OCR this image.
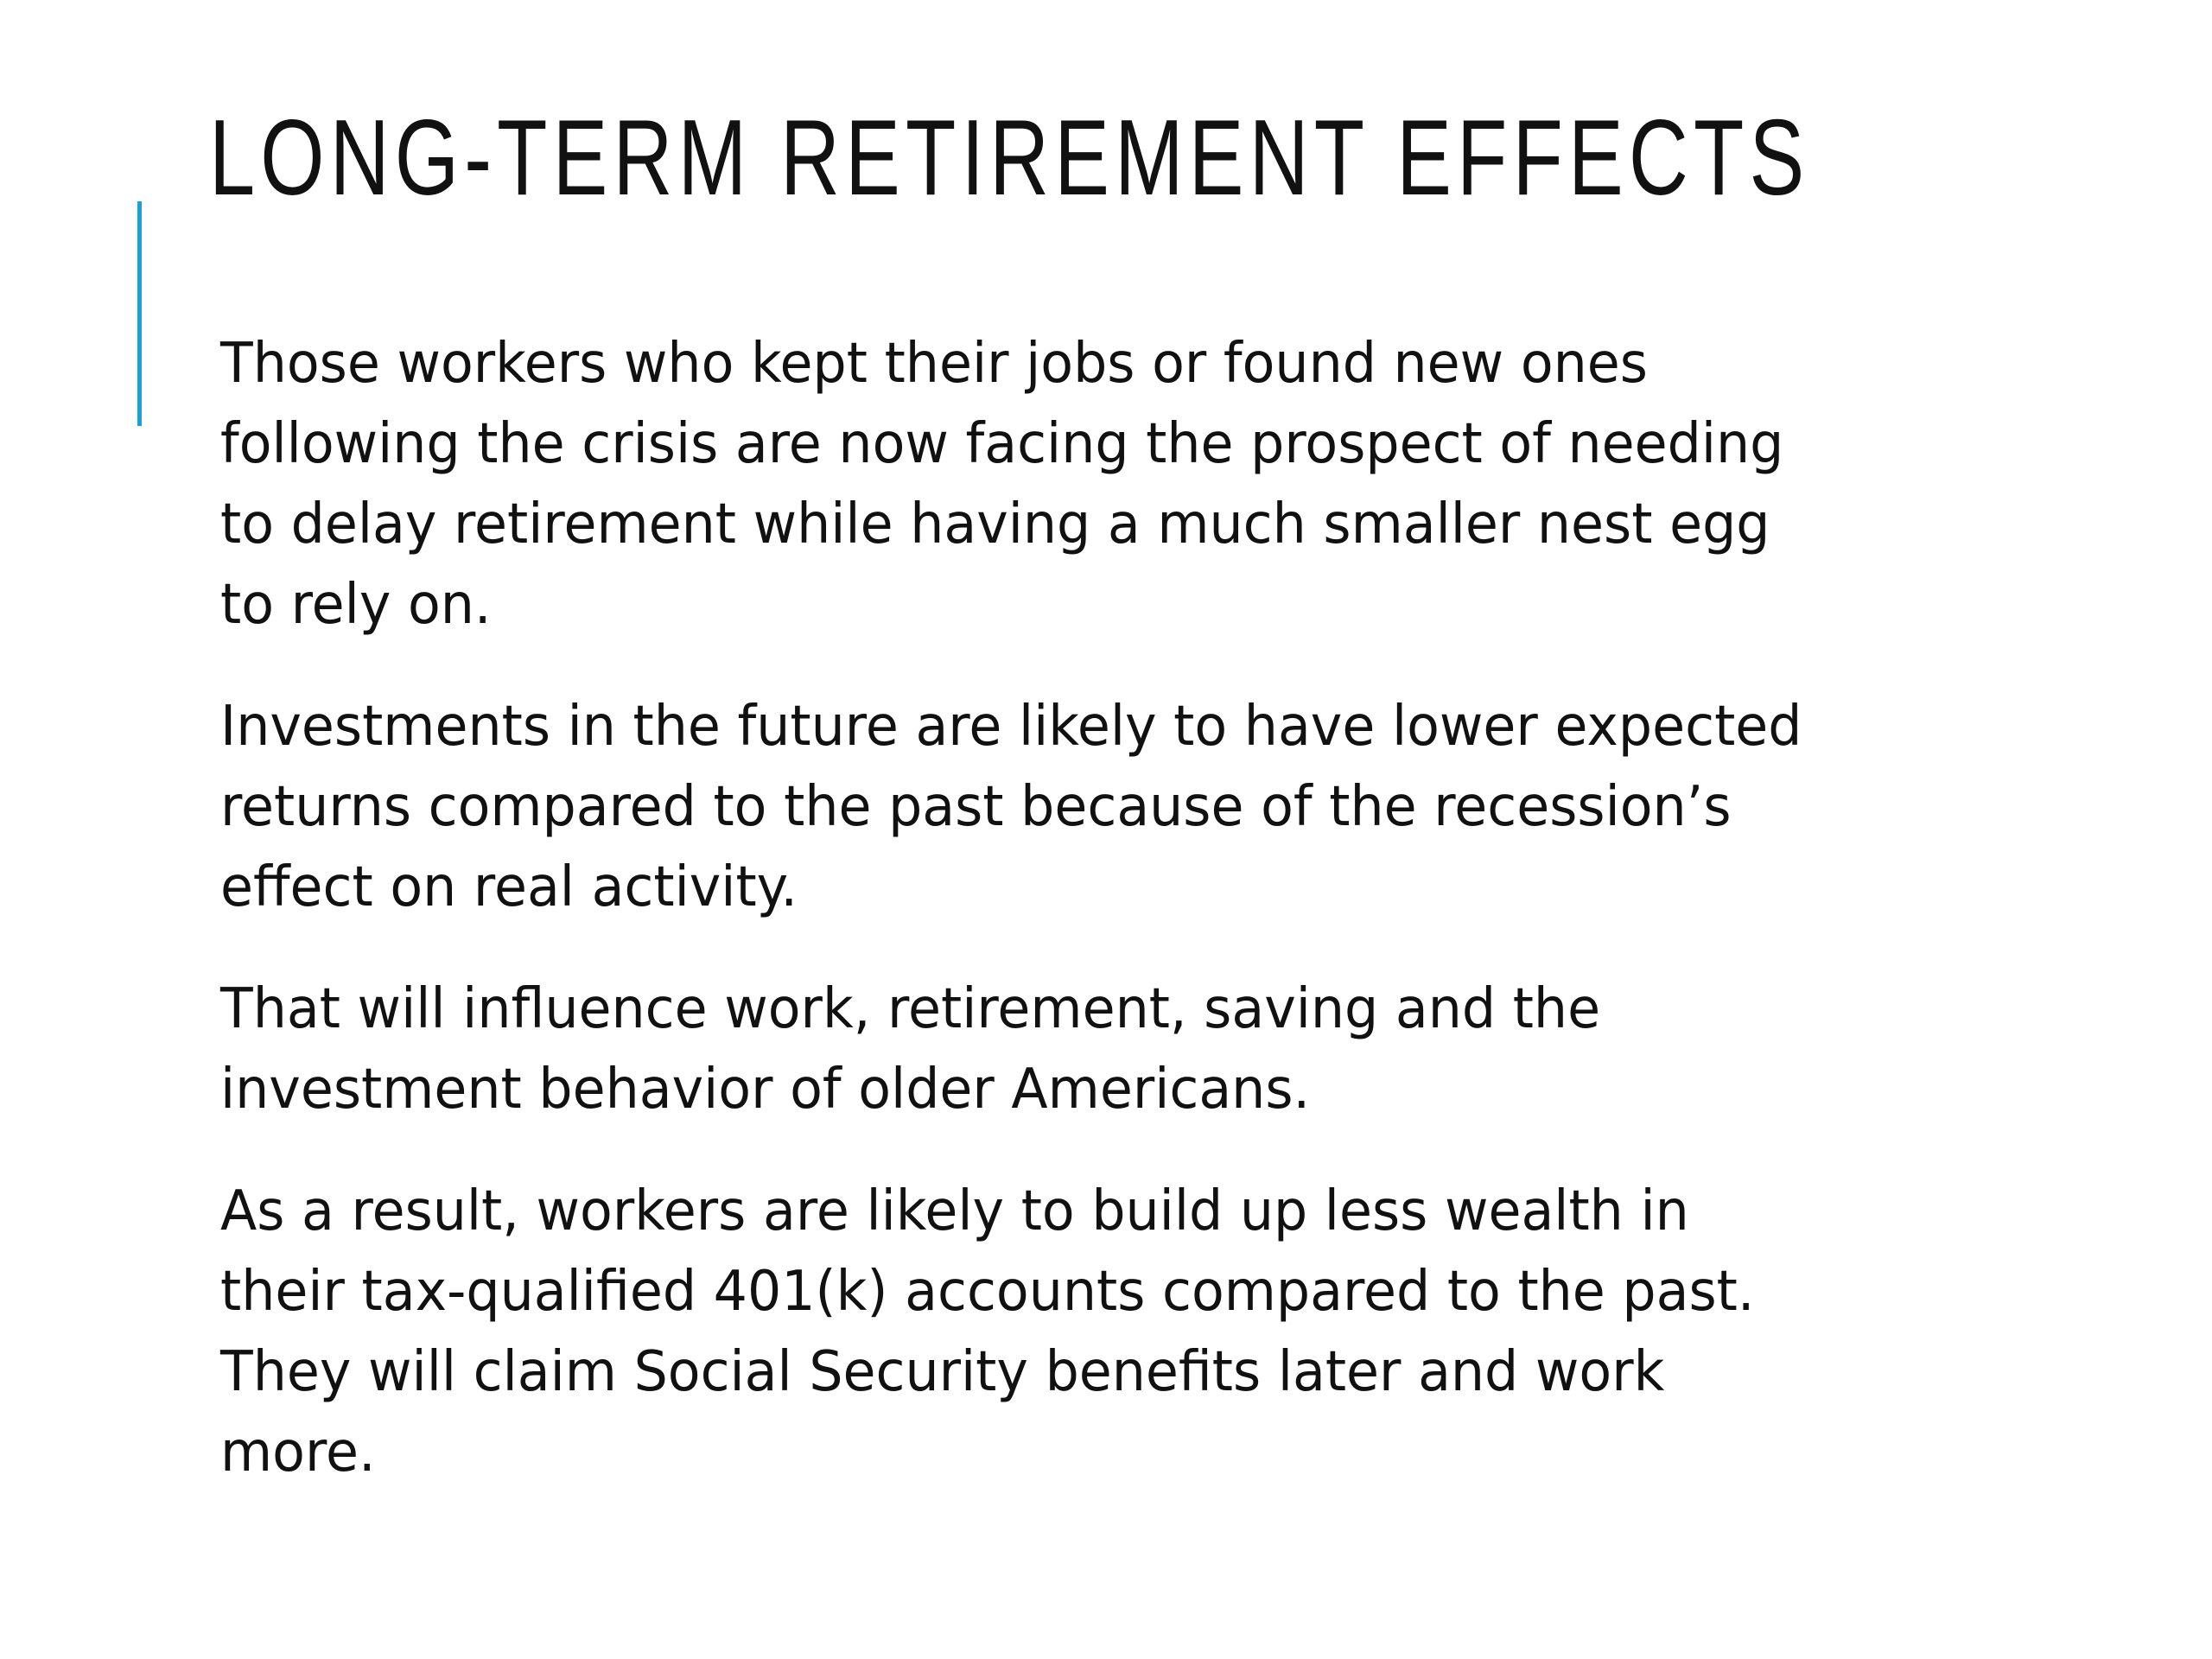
LONG-TERM RETIREMENT EFFECTS

Those workers who kept their jobs or found new ones
following the crisis are now facing the prospect of needing
to delay retirement while having a much smaller nest egg
to rely on.

Investments in the future are likely to have lower expected
returns compared to the past because of the recession’s
effect on real activity.

That will influence work, retirement, saving and the
investment behavior of older Americans.

As a result, workers are likely to build up less wealth in
their tax-qualified 401(k) accounts compared to the past.
They will claim Social Security benefits later and work
more.
